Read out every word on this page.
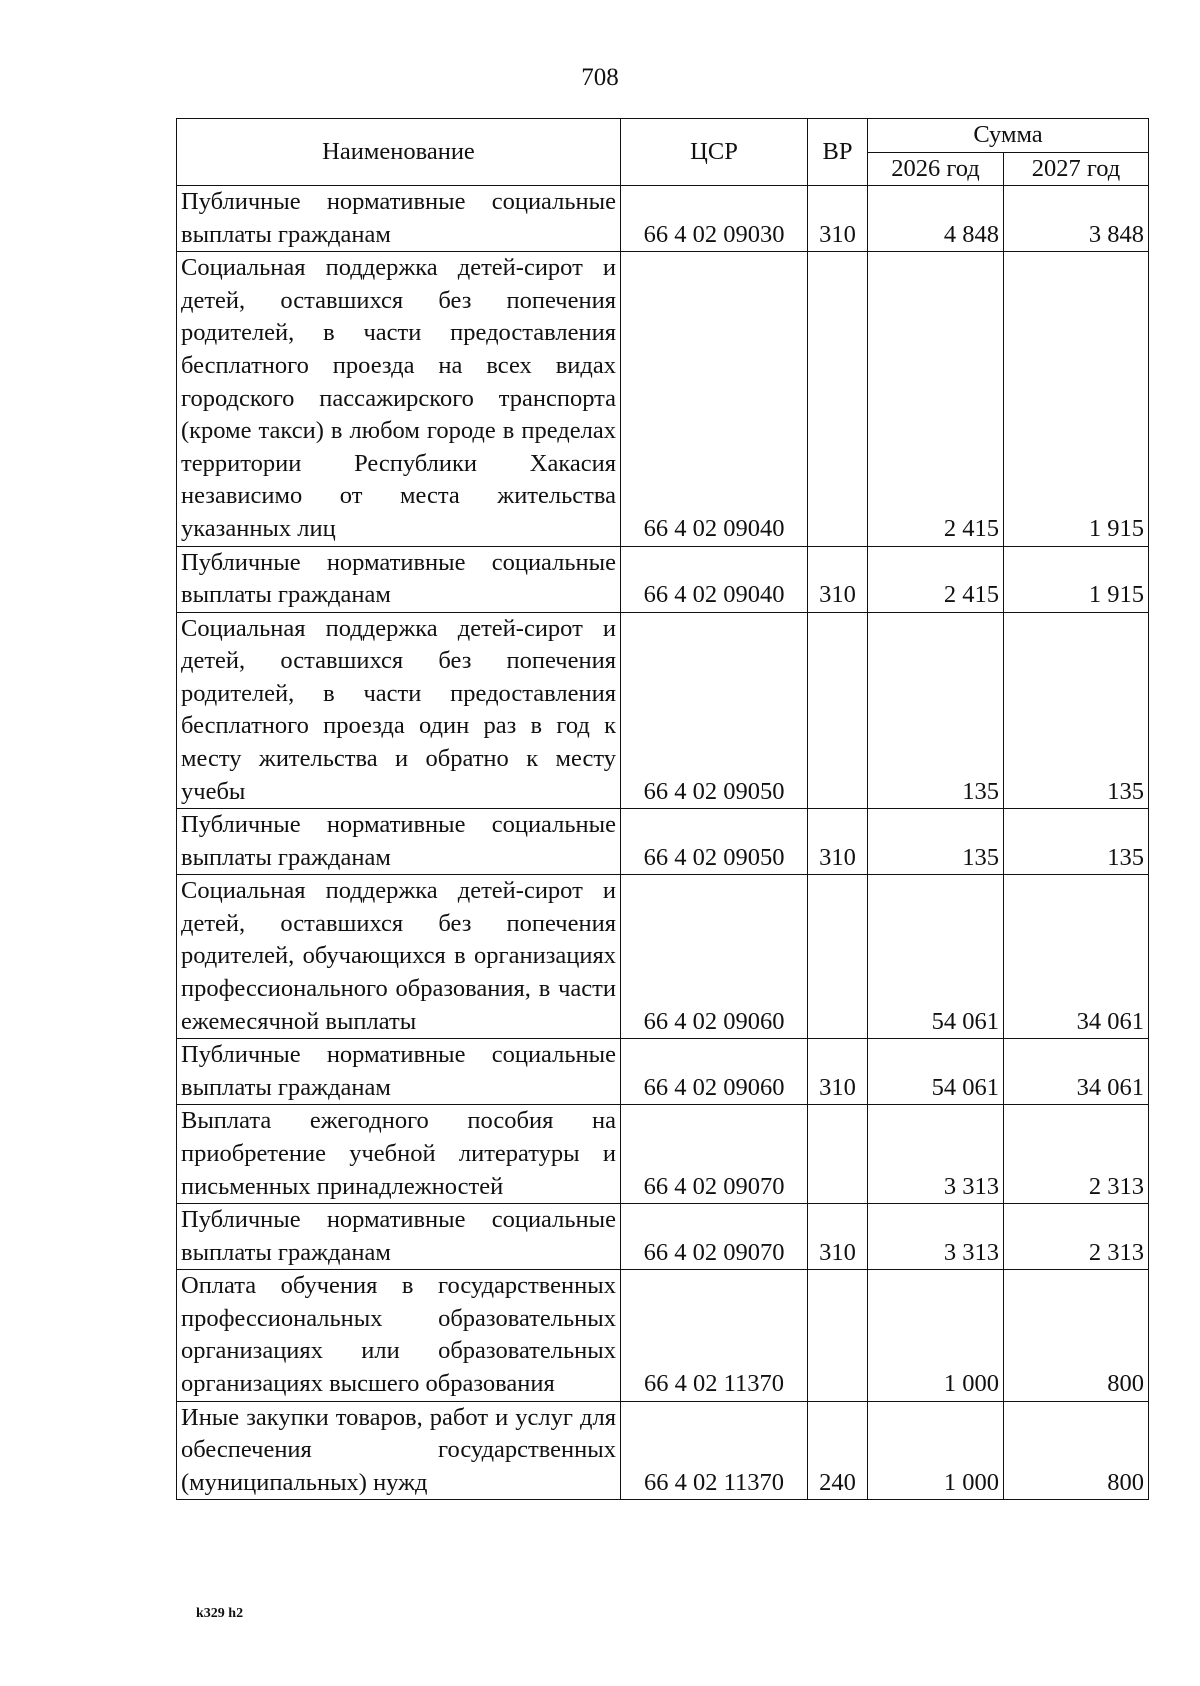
708
Наименование	ЦСР	ВР	Сумма	
			2026 год	2027 год
Публичные нормативные социальные выплаты гражданам	66 4 02 09030	310	4 848	3 848
Социальная поддержка детей-сирот и детей, оставшихся без попечения родителей, в части предоставления бесплатного проезда на всех видах городского пассажирского транспорта (кроме такси) в любом городе в пределах территории Республики Хакасия независимо от места жительства указанных лиц	66 4 02 09040		2 415	1 915
Публичные нормативные социальные выплаты гражданам	66 4 02 09040	310	2 415	1 915
Социальная поддержка детей-сирот и детей, оставшихся без попечения родителей, в части предоставления бесплатного проезда один раз в год к месту жительства и обратно к месту учебы	66 4 02 09050		135	135
Публичные нормативные социальные выплаты гражданам	66 4 02 09050	310	135	135
Социальная поддержка детей-сирот и детей, оставшихся без попечения родителей, обучающихся в организациях профессионального образования, в части ежемесячной выплаты	66 4 02 09060		54 061	34 061
Публичные нормативные социальные выплаты гражданам	66 4 02 09060	310	54 061	34 061
Выплата ежегодного пособия на приобретение учебной литературы и письменных принадлежностей	66 4 02 09070		3 313	2 313
Публичные нормативные социальные выплаты гражданам	66 4 02 09070	310	3 313	2 313
Оплата обучения в государственных профессиональных образовательных организациях или образовательных организациях высшего образования	66 4 02 11370		1 000	800
Иные закупки товаров, работ и услуг для обеспечения государственных (муниципальных) нужд	66 4 02 11370	240	1 000	800
k329 h2
